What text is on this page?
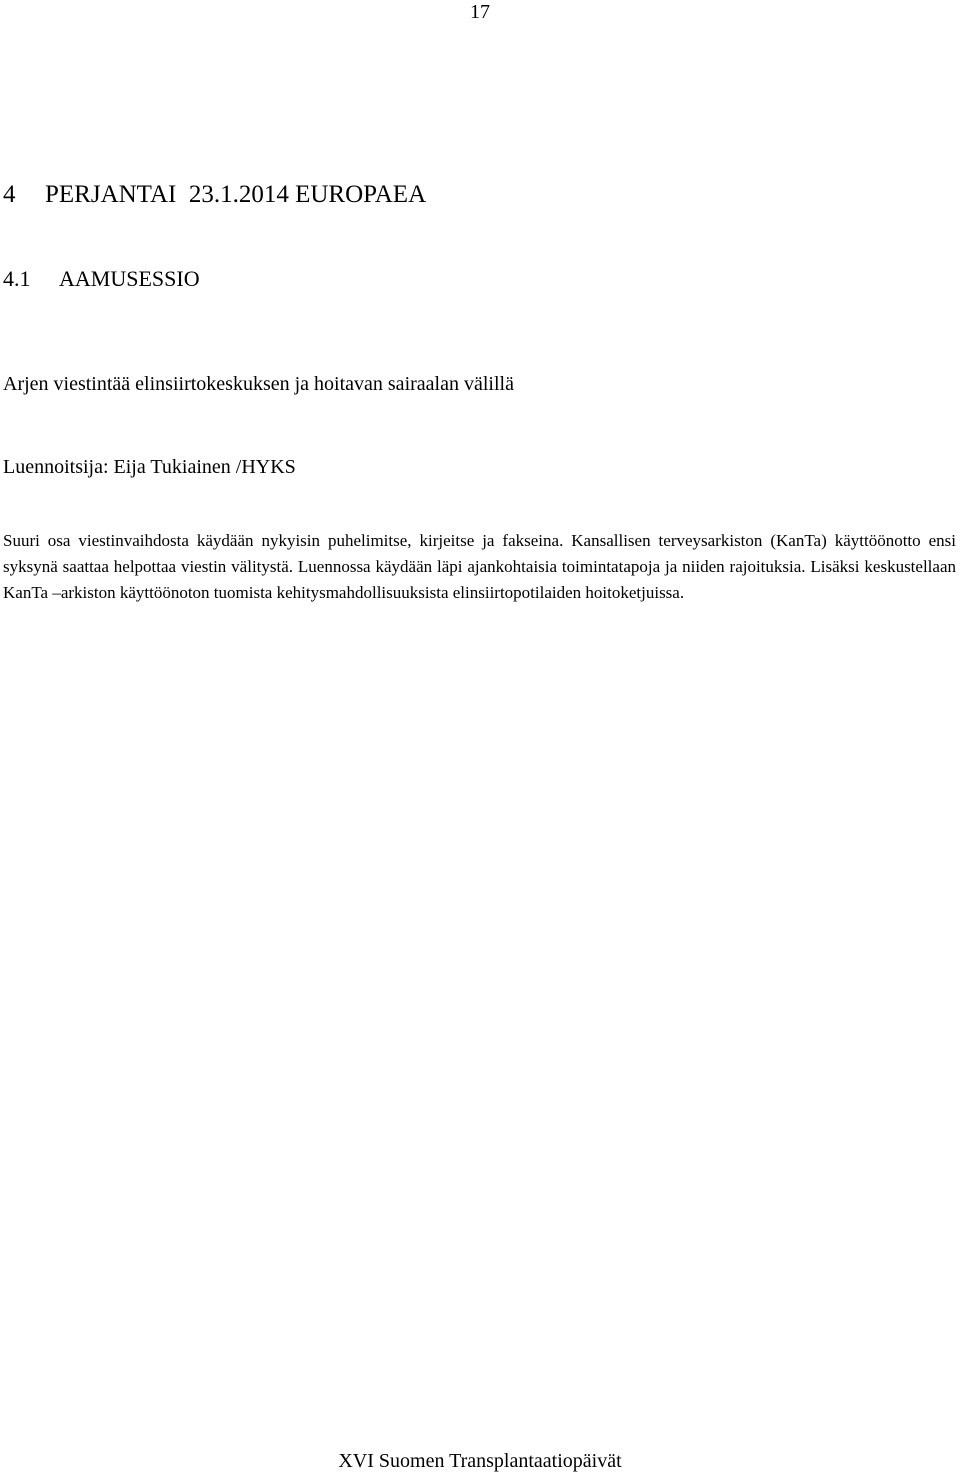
17
4 PERJANTAI  23.1.2014 EUROPAEA
4.1 AAMUSESSIO
Arjen viestintää elinsiirtokeskuksen ja hoitavan sairaalan välillä

Luennoitsija: Eija Tukiainen /HYKS

Suuri osa viestinvaihdosta käydään nykyisin puhelimitse, kirjeitse ja fakseina. Kansallisen terveysarkiston (KanTa) käyttöönotto ensi syksynä saattaa helpottaa viestin välitystä. Luennossa käydään läpi ajankohtaisia toimintatapoja ja niiden rajoituksia. Lisäksi keskustellaan KanTa –arkiston käyttöönoton tuomista kehitysmahdollisuuksista elinsiirtopotilaiden hoitoketjuissa.

XVI Suomen Transplantaatiopäivät
